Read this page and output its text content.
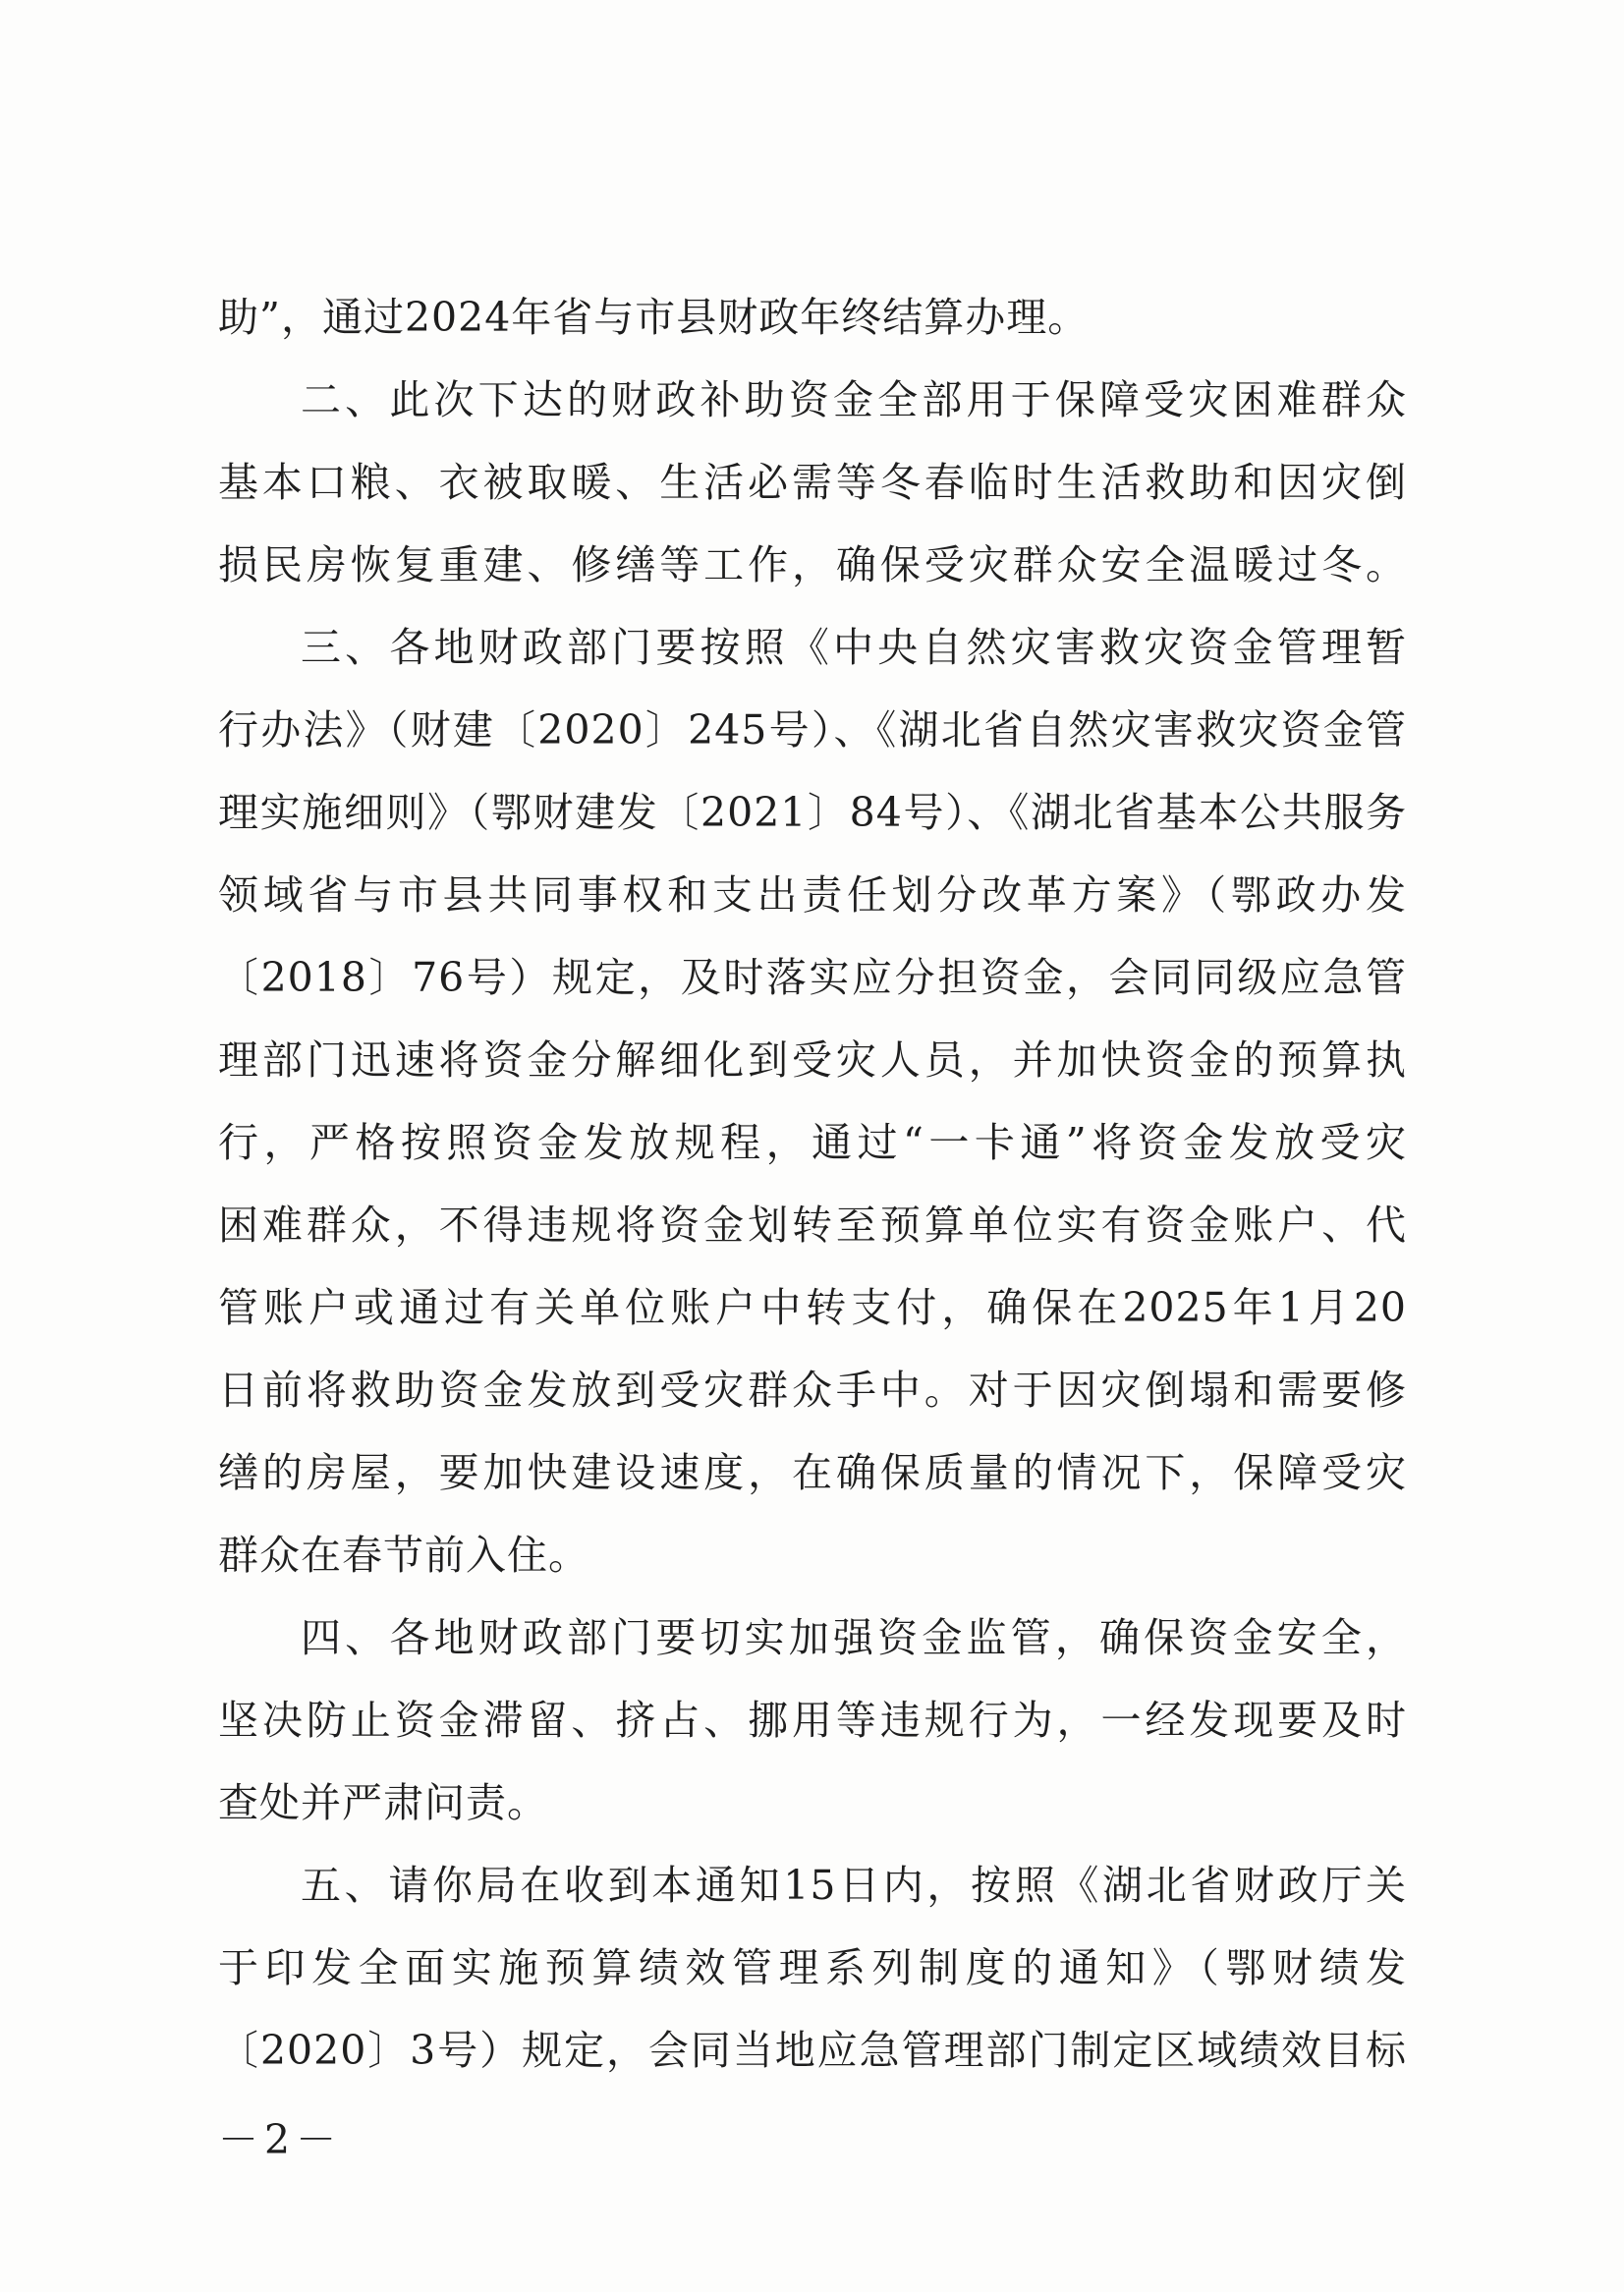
助”，通过2024年省与市县财政年终结算办理。
二、此次下达的财政补助资金全部用于保障受灾困难群众
基本口粮、衣被取暖、生活必需等冬春临时生活救助和因灾倒
损民房恢复重建、修缮等工作，确保受灾群众安全温暖过冬。
三、各地财政部门要按照《中央自然灾害救灾资金管理暂
行办法》（财建〔2020〕245号）、《湖北省自然灾害救灾资金管
理实施细则》（鄂财建发〔2021〕84号）、《湖北省基本公共服务
领域省与市县共同事权和支出责任划分改革方案》（鄂政办发
〔2018〕76号）规定，及时落实应分担资金，会同同级应急管
理部门迅速将资金分解细化到受灾人员，并加快资金的预算执
行，严格按照资金发放规程，通过“一卡通”将资金发放受灾
困难群众，不得违规将资金划转至预算单位实有资金账户、代
管账户或通过有关单位账户中转支付，确保在2025年1月20
日前将救助资金发放到受灾群众手中。对于因灾倒塌和需要修
缮的房屋，要加快建设速度，在确保质量的情况下，保障受灾
群众在春节前入住。
四、各地财政部门要切实加强资金监管，确保资金安全，
坚决防止资金滞留、挤占、挪用等违规行为，一经发现要及时
查处并严肃问责。
五、请你局在收到本通知15日内，按照《湖北省财政厅关
于印发全面实施预算绩效管理系列制度的通知》（鄂财绩发
〔2020〕3号）规定，会同当地应急管理部门制定区域绩效目标
－2－
